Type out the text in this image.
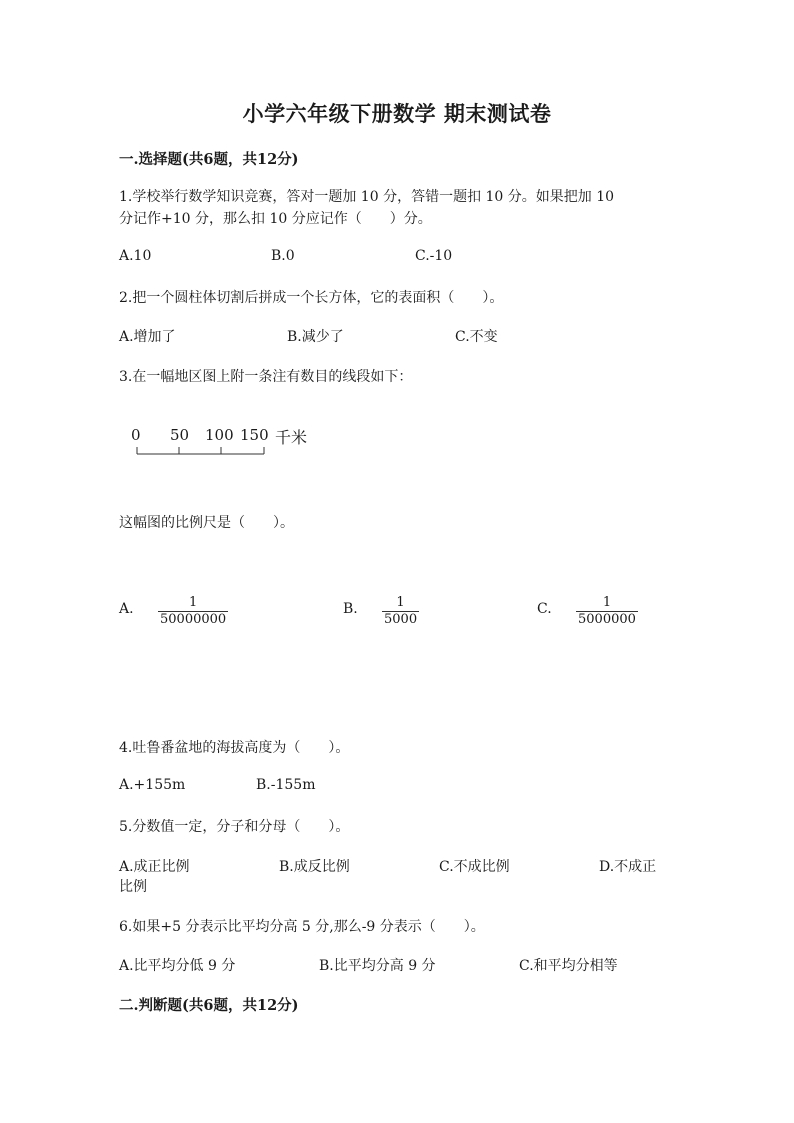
小学六年级下册数学 期末测试卷
一.选择题(共6题，共12分)
1.学校举行数学知识竞赛，答对一题加 10 分，答错一题扣 10 分。如果把加 10
分记作+10 分，那么扣 10 分应记作（　　）分。
A.10	B.0	C.-10
2.把一个圆柱体切割后拼成一个长方体，它的表面积（　　）。
A.增加了	B.减少了	C.不变
3.在一幅地区图上附一条注有数目的线段如下：
0 50 100 150 千米
这幅图的比例尺是（　　）。
A. $\frac{1}{50000000}$	B. $\frac{1}{5000}$	C. $\frac{1}{5000000}$
4.吐鲁番盆地的海拔高度为（　　）。
A.+155m	B.-155m
5.分数值一定，分子和分母（　　）。
A.成正比例	B.成反比例	C.不成比例	D.不成正
比例
6.如果+5 分表示比平均分高 5 分,那么-9 分表示（　　）。
A.比平均分低 9 分	B.比平均分高 9 分	C.和平均分相等
二.判断题(共6题，共12分)
